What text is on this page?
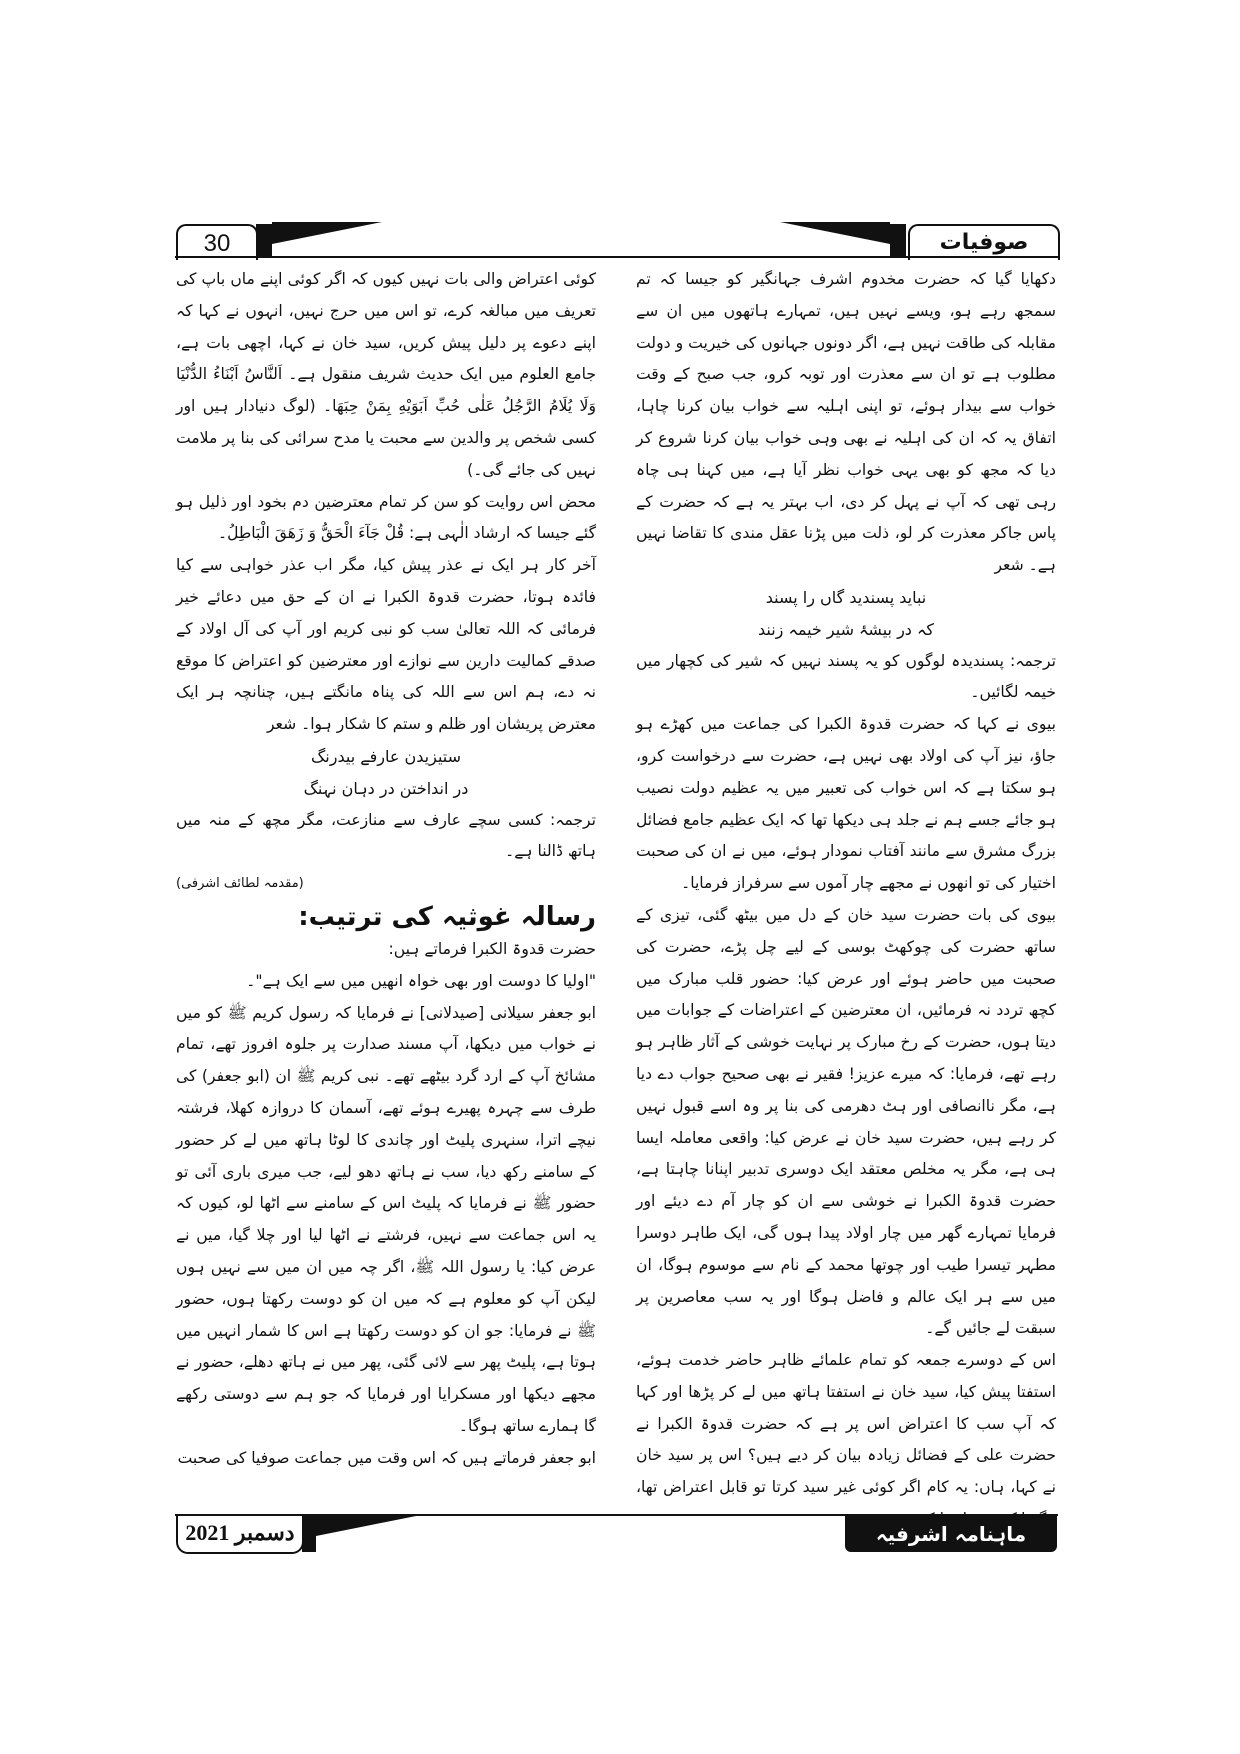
30	صوفیات

دکھایا گیا کہ حضرت مخدوم اشرف جہانگیر کو جیسا کہ تم سمجھ رہے ہو، ویسے نہیں ہیں، تمہارے ہاتھوں میں ان سے مقابلہ کی طاقت نہیں ہے، اگر دونوں جہانوں کی خیریت و دولت مطلوب ہے تو ان سے معذرت اور توبہ کرو، جب صبح کے وقت خواب سے بیدار ہوئے، تو اپنی اہلیہ سے خواب بیان کرنا چاہا، اتفاق یہ کہ ان کی اہلیہ نے بھی وہی خواب بیان کرنا شروع کر دیا کہ مجھ کو بھی یہی خواب نظر آیا ہے، میں کہنا ہی چاہ رہی تھی کہ آپ نے پہل کر دی، اب بہتر یہ ہے کہ حضرت کے پاس جاکر معذرت کر لو، ذلت میں پڑنا عقل مندی کا تقاضا نہیں ہے۔ شعر

نباید پسندید گاں را پسند

کہ در بیشۂ شیر خیمہ زنند

ترجمہ: پسندیدہ لوگوں کو یہ پسند نہیں کہ شیر کی کچھار میں خیمہ لگائیں۔

بیوی نے کہا کہ حضرت قدوۃ الکبرا کی جماعت میں کھڑے ہو جاؤ، نیز آپ کی اولاد بھی نہیں ہے، حضرت سے درخواست کرو، ہو سکتا ہے کہ اس خواب کی تعبیر میں یہ عظیم دولت نصیب ہو جائے جسے ہم نے جلد ہی دیکھا تھا کہ ایک عظیم جامع فضائل بزرگ مشرق سے مانند آفتاب نمودار ہوئے، میں نے ان کی صحبت اختیار کی تو انھوں نے مجھے چار آموں سے سرفراز فرمایا۔

بیوی کی بات حضرت سید خان کے دل میں بیٹھ گئی، تیزی کے ساتھ حضرت کی چوکھٹ بوسی کے لیے چل پڑے، حضرت کی صحبت میں حاضر ہوئے اور عرض کیا: حضور قلب مبارک میں کچھ تردد نہ فرمائیں، ان معترضین کے اعتراضات کے جوابات میں دیتا ہوں، حضرت کے رخ مبارک پر نہایت خوشی کے آثار ظاہر ہو رہے تھے، فرمایا: کہ میرے عزیز! فقیر نے بھی صحیح جواب دے دیا ہے، مگر ناانصافی اور ہٹ دھرمی کی بنا پر وہ اسے قبول نہیں کر رہے ہیں، حضرت سید خان نے عرض کیا: واقعی معاملہ ایسا ہی ہے، مگر یہ مخلص معتقد ایک دوسری تدبیر اپنانا چاہتا ہے، حضرت قدوۃ الکبرا نے خوشی سے ان کو چار آم دے دیئے اور فرمایا تمہارے گھر میں چار اولاد پیدا ہوں گی، ایک طاہر دوسرا مطہر تیسرا طیب اور چوتھا محمد کے نام سے موسوم ہوگا، ان میں سے ہر ایک عالم و فاضل ہوگا اور یہ سب معاصرین پر سبقت لے جائیں گے۔

اس کے دوسرے جمعہ کو تمام علمائے ظاہر حاضر خدمت ہوئے، استفتا پیش کیا، سید خان نے استفتا ہاتھ میں لے کر پڑھا اور کہا کہ آپ سب کا اعتراض اس پر ہے کہ حضرت قدوۃ الکبرا نے حضرت علی کے فضائل زیادہ بیان کر دیے ہیں؟ اس پر سید خان نے کہا، ہاں: یہ کام اگر کوئی غیر سید کرتا تو قابل اعتراض تھا،

کوئی اعتراض والی بات نہیں کیوں کہ اگر کوئی اپنے ماں باپ کی تعریف میں مبالغہ کرے، تو اس میں حرج نہیں، انہوں نے کہا کہ اپنے دعوے پر دلیل پیش کریں، سید خان نے کہا، اچھی بات ہے، جامع العلوم میں ایک حدیث شریف منقول ہے۔ اَلنَّاسُ اَبْنَاءُ الدُّنْیَا وَلَا یُلَامُ الرَّجُلُ عَلٰی حُبِّ اَبَوَیْهِ بِمَنْ حِبَهَا۔ (لوگ دنیادار ہیں اور کسی شخص پر والدین سے محبت یا مدح سرائی کی بنا پر ملامت نہیں کی جائے گی۔)

محض اس روایت کو سن کر تمام معترضین دم بخود اور ذلیل ہو گئے جیسا کہ ارشاد الٰہی ہے: قُلْ جَآءَ الْحَقُّ وَ زَهَقَ الْبَاطِلُ۔

آخر کار ہر ایک نے عذر پیش کیا، مگر اب عذر خواہی سے کیا فائدہ ہوتا، حضرت قدوۃ الکبرا نے ان کے حق میں دعائے خیر فرمائی کہ اللہ تعالیٰ سب کو نبی کریم اور آپ کی آل اولاد کے صدقے کمالیت دارین سے نوازے اور معترضین کو اعتراض کا موقع نہ دے، ہم اس سے اللہ کی پناہ مانگتے ہیں، چنانچہ ہر ایک معترض پریشان اور ظلم و ستم کا شکار ہوا۔ شعر

ستیزیدن عارفے بیدرنگ

در انداختن در دہان نہنگ

ترجمہ: کسی سچے عارف سے منازعت، مگر مچھ کے منہ میں ہاتھ ڈالنا ہے۔

(مقدمہ لطائف اشرفی)

رسالہ غوثیہ کی ترتیب:

حضرت قدوۃ الکبرا فرماتے ہیں:

"اولیا کا دوست اور بھی خواہ انھیں میں سے ایک ہے"۔

ابو جعفر سیلانی [صیدلانی] نے فرمایا کہ رسول کریم ﷺ کو میں نے خواب میں دیکھا، آپ مسند صدارت پر جلوہ افروز تھے، تمام مشائخ آپ کے ارد گرد بیٹھے تھے۔ نبی کریم ﷺ ان (ابو جعفر) کی طرف سے چہرہ پھیرے ہوئے تھے، آسمان کا دروازہ کھلا، فرشتہ نیچے اترا، سنہری پلیٹ اور چاندی کا لوٹا ہاتھ میں لے کر حضور کے سامنے رکھ دیا، سب نے ہاتھ دھو لیے، جب میری باری آئی تو حضور ﷺ نے فرمایا کہ پلیٹ اس کے سامنے سے اٹھا لو، کیوں کہ یہ اس جماعت سے نہیں، فرشتے نے اٹھا لیا اور چلا گیا، میں نے عرض کیا: یا رسول اللہ ﷺ، اگر چہ میں ان میں سے نہیں ہوں لیکن آپ کو معلوم ہے کہ میں ان کو دوست رکھتا ہوں، حضور ﷺ نے فرمایا: جو ان کو دوست رکھتا ہے اس کا شمار انہیں میں ہوتا ہے، پلیٹ پھر سے لائی گئی، پھر میں نے ہاتھ دھلے، حضور نے مجھے دیکھا اور مسکرایا اور فرمایا کہ جو ہم سے دوستی رکھے گا ہمارے ساتھ ہوگا۔

ابو جعفر فرماتے ہیں کہ اس وقت میں جماعت صوفیا کی صحبت

دسمبر 2021	ماہنامہ اشرفیہ
